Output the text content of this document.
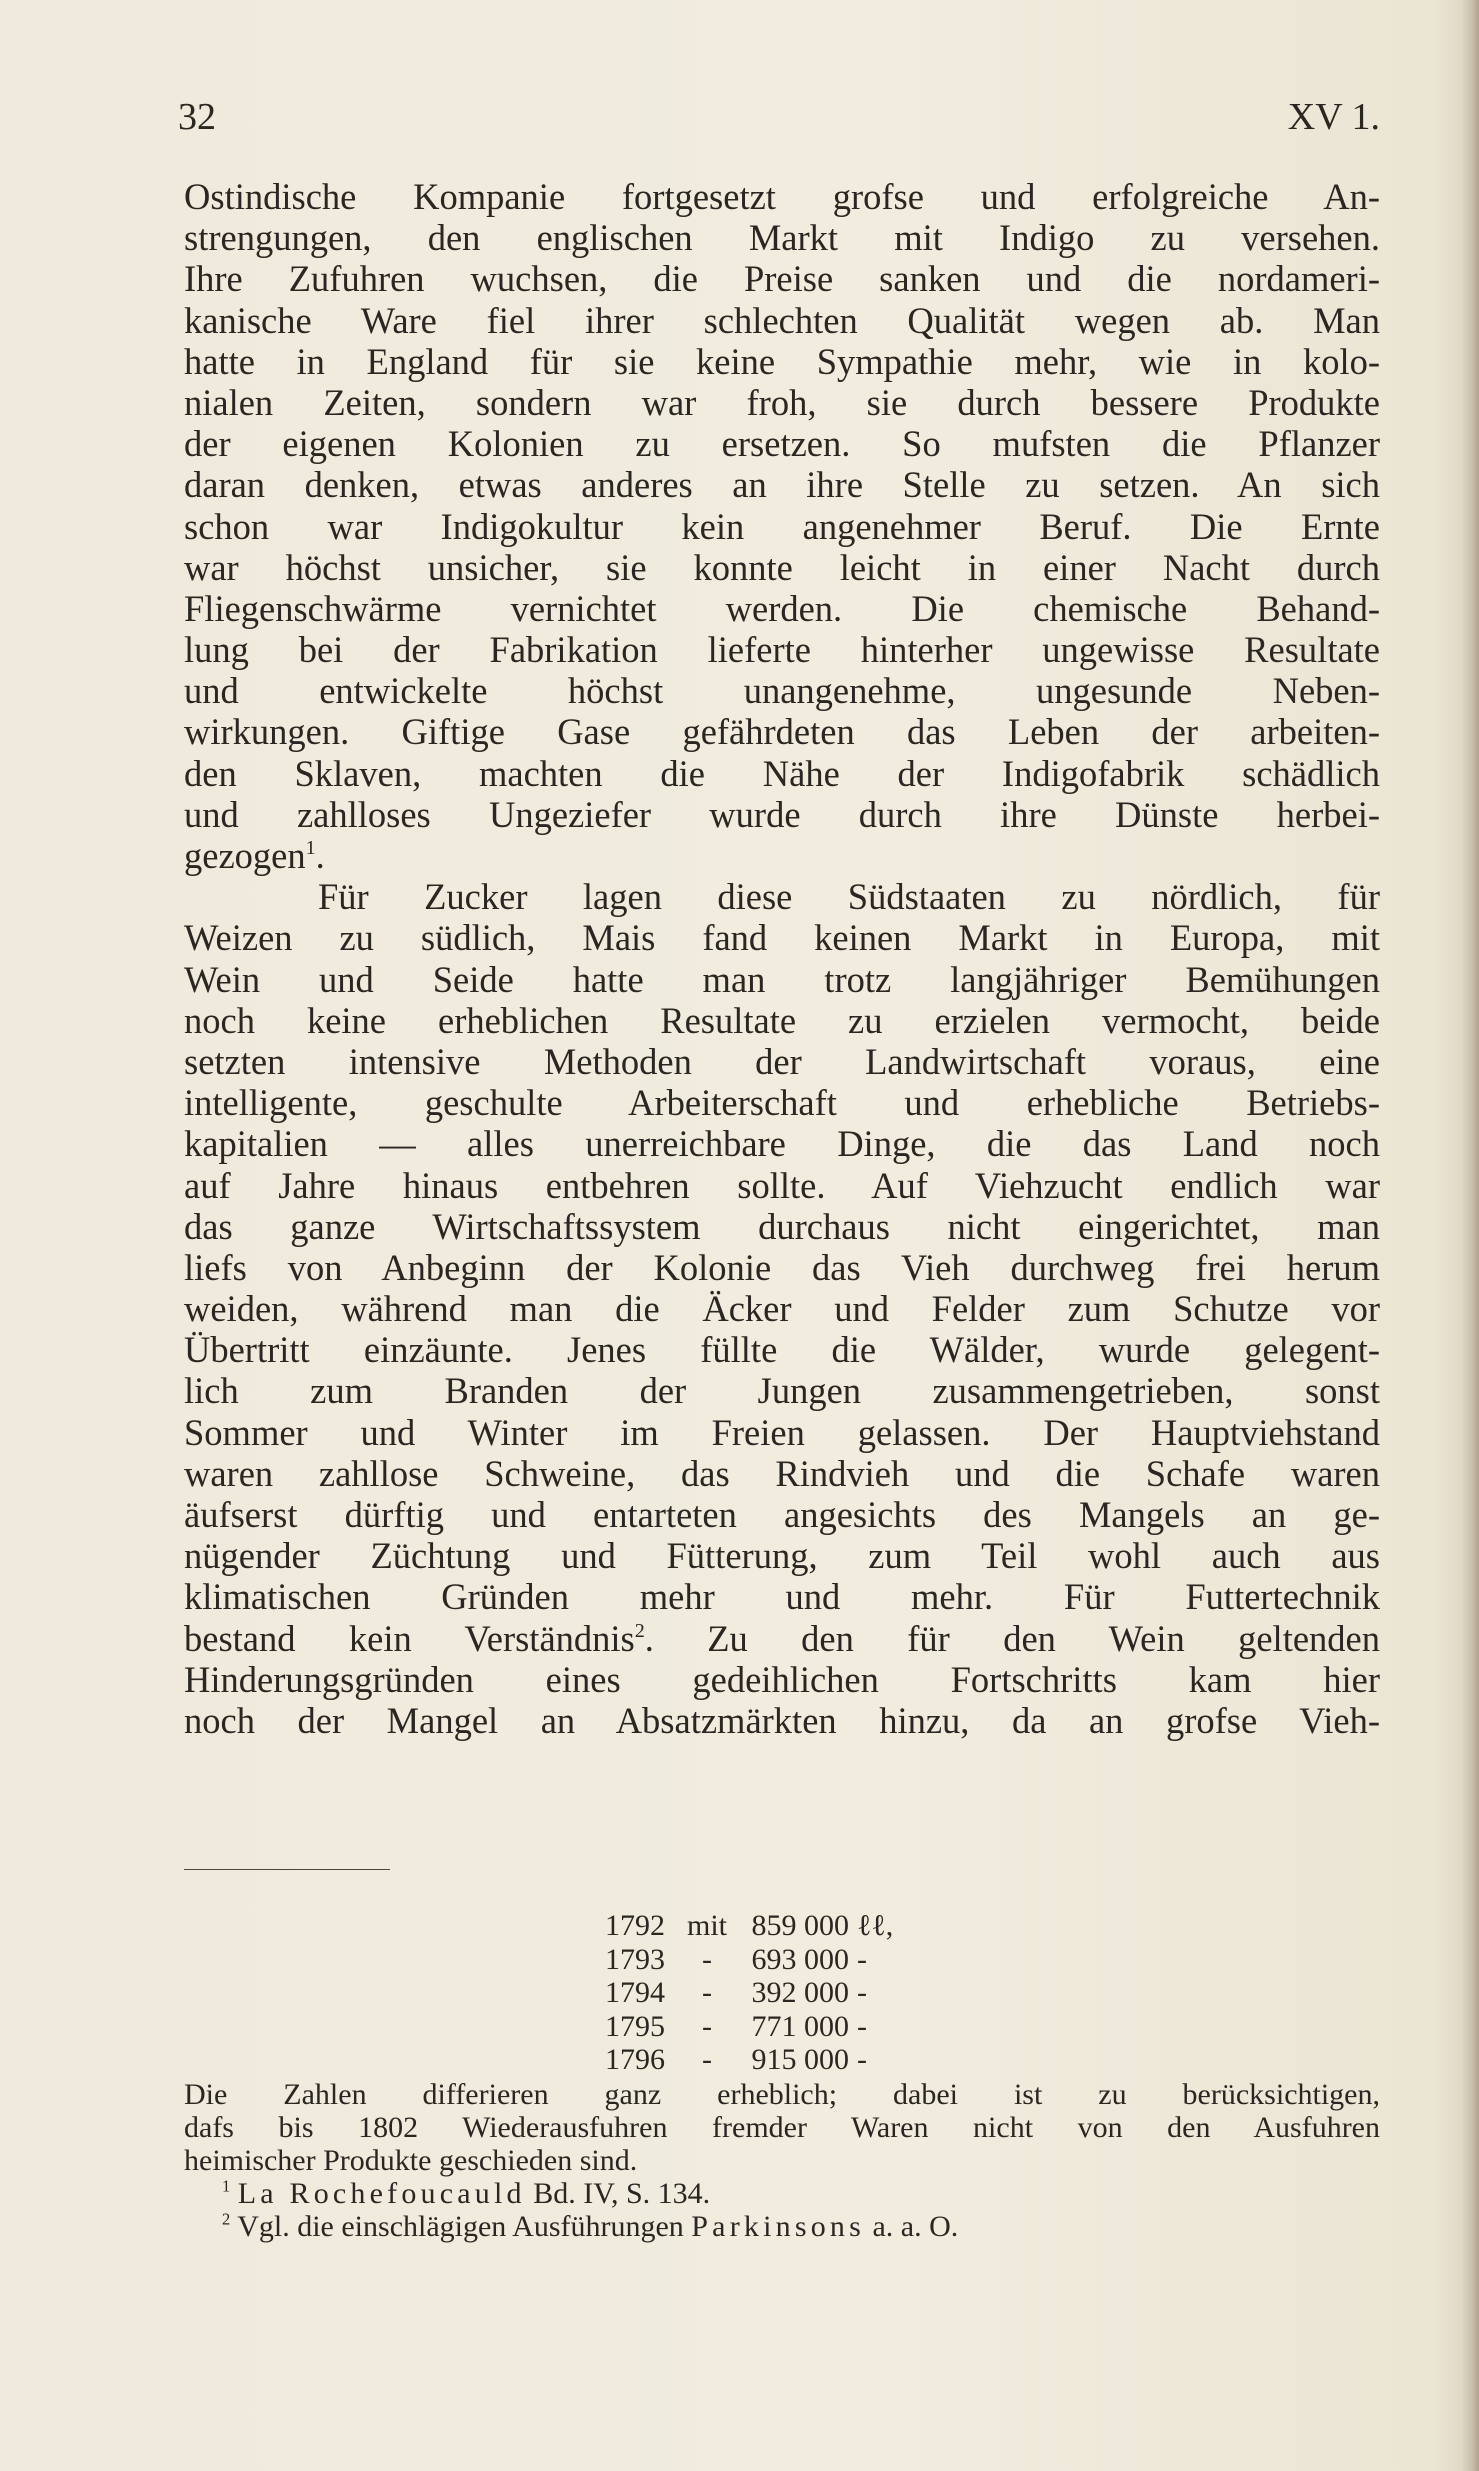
32	XV 1.
Ostindische Kompanie fortgesetzt grofse und erfolgreiche An-
strengungen, den englischen Markt mit Indigo zu versehen.
Ihre Zufuhren wuchsen, die Preise sanken und die nordameri-
kanische Ware fiel ihrer schlechten Qualität wegen ab. Man
hatte in England für sie keine Sympathie mehr, wie in kolo-
nialen Zeiten, sondern war froh, sie durch bessere Produkte
der eigenen Kolonien zu ersetzen. So mufsten die Pflanzer
daran denken, etwas anderes an ihre Stelle zu setzen. An sich
schon war Indigokultur kein angenehmer Beruf. Die Ernte
war höchst unsicher, sie konnte leicht in einer Nacht durch
Fliegenschwärme vernichtet werden. Die chemische Behand-
lung bei der Fabrikation lieferte hinterher ungewisse Resultate
und entwickelte höchst unangenehme, ungesunde Neben-
wirkungen. Giftige Gase gefährdeten das Leben der arbeiten-
den Sklaven, machten die Nähe der Indigofabrik schädlich
und zahlloses Ungeziefer wurde durch ihre Dünste herbei-
gezogen$^1$.
Für Zucker lagen diese Südstaaten zu nördlich, für
Weizen zu südlich, Mais fand keinen Markt in Europa, mit
Wein und Seide hatte man trotz langjähriger Bemühungen
noch keine erheblichen Resultate zu erzielen vermocht, beide
setzten intensive Methoden der Landwirtschaft voraus, eine
intelligente, geschulte Arbeiterschaft und erhebliche Betriebs-
kapitalien — alles unerreichbare Dinge, die das Land noch
auf Jahre hinaus entbehren sollte. Auf Viehzucht endlich war
das ganze Wirtschaftssystem durchaus nicht eingerichtet, man
liefs von Anbeginn der Kolonie das Vieh durchweg frei herum
weiden, während man die Äcker und Felder zum Schutze vor
Übertritt einzäunte. Jenes füllte die Wälder, wurde gelegent-
lich zum Branden der Jungen zusammengetrieben, sonst
Sommer und Winter im Freien gelassen. Der Hauptviehstand
waren zahllose Schweine, das Rindvieh und die Schafe waren
äufserst dürftig und entarteten angesichts des Mangels an ge-
nügender Züchtung und Fütterung, zum Teil wohl auch aus
klimatischen Gründen mehr und mehr. Für Futtertechnik
bestand kein Verständnis$^2$. Zu den für den Wein geltenden
Hinderungsgründen eines gedeihlichen Fortschritts kam hier
noch der Mangel an Absatzmärkten hinzu, da an grofse Vieh-
1792 mit 859 000 ℓℓ,
1793 - 693 000 -
1794 - 392 000 -
1795 - 771 000 -
1796 - 915 000 -
Die Zahlen differieren ganz erheblich; dabei ist zu berücksichtigen,
dafs bis 1802 Wiederausfuhren fremder Waren nicht von den Ausfuhren
heimischer Produkte geschieden sind.
$^1$ La Rochefoucauld Bd. IV, S. 134.
$^2$ Vgl. die einschlägigen Ausführungen Parkinsons a. a. O.
